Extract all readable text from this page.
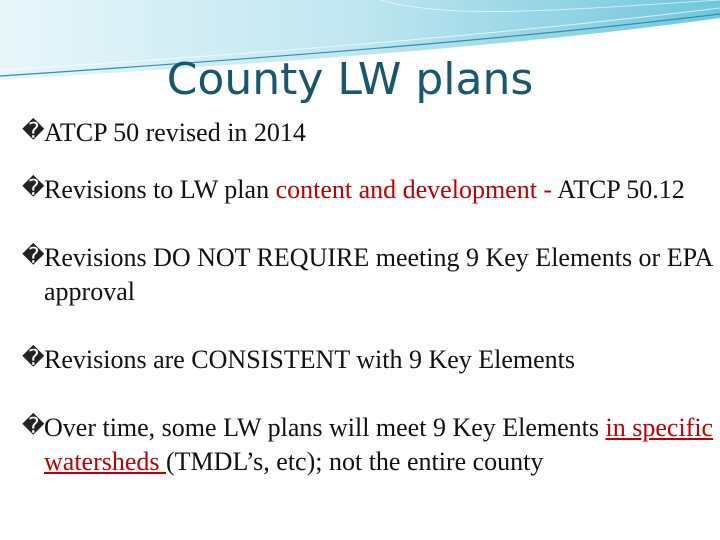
County LW plans
� ATCP 50 revised in 2014
� Revisions to LW plan content and development - ATCP 50.12
� Revisions DO NOT REQUIRE meeting 9 Key Elements or EPA approval
� Revisions are CONSISTENT with 9 Key Elements
� Over time, some LW plans will meet 9 Key Elements in specific watersheds (TMDL’s, etc); not the entire county
